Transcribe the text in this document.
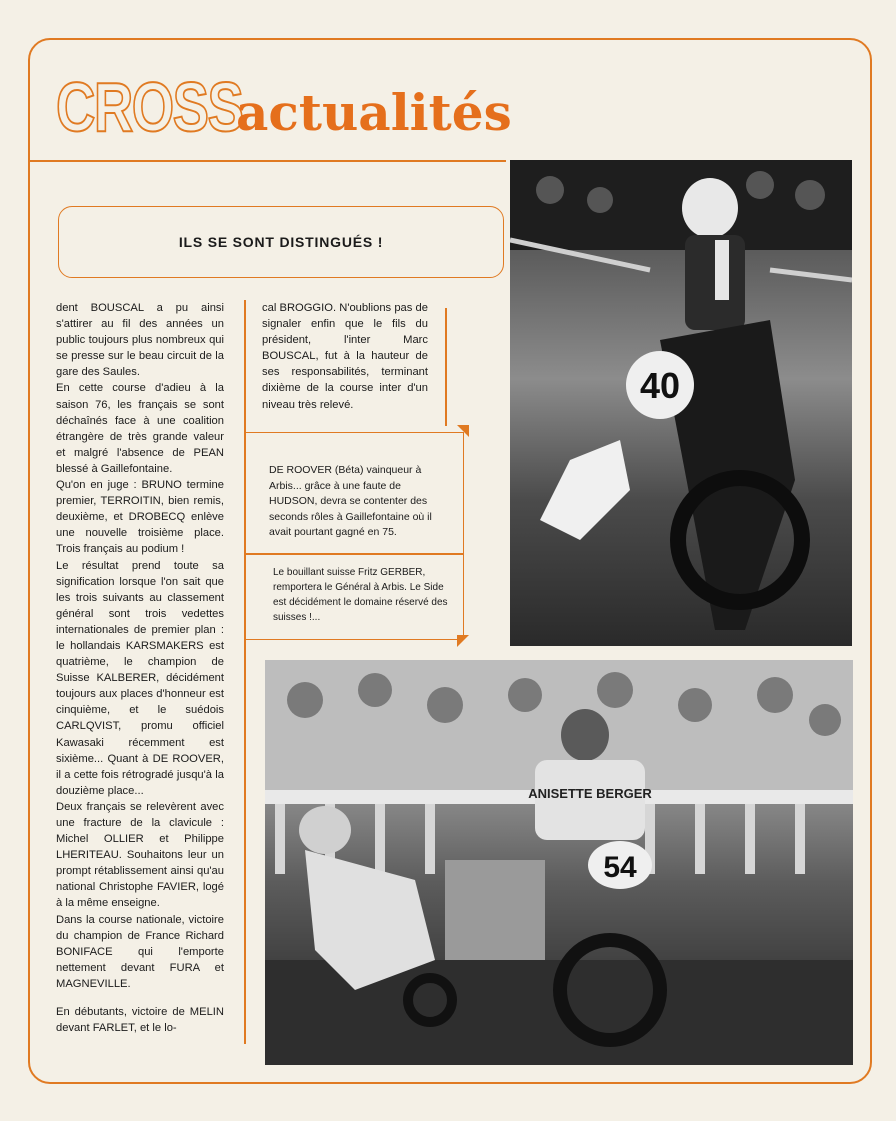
CROSS
actualités
ILS SE SONT DISTINGUÉS !

dent BOUSCAL a pu ainsi s'attirer au fil des années un public toujours plus nombreux qui se presse sur le beau circuit de la gare des Saules.

En cette course d'adieu à la saison 76, les français se sont déchaînés face à une coalition étrangère de très grande valeur et malgré l'absence de PEAN blessé à Gaillefontaine.

Qu'on en juge : BRUNO termine premier, TERROITIN, bien remis, deuxième, et DROBECQ enlève une nouvelle troisième place. Trois français au podium !

Le résultat prend toute sa signification lorsque l'on sait que les trois suivants au classement général sont trois vedettes internationales de premier plan : le hollandais KARSMAKERS est quatrième, le champion de Suisse KALBERER, décidément toujours aux places d'honneur est cinquième, et le suédois CARLQVIST, promu officiel Kawasaki récemment est sixième... Quant à DE ROOVER, il a cette fois rétrogradé jusqu'à la douzième place...

Deux français se relevèrent avec une fracture de la clavicule : Michel OLLIER et Philippe LHERITEAU. Souhaitons leur un prompt rétablissement ainsi qu'au national Christophe FAVIER, logé à la même enseigne.

Dans la course nationale, victoire du champion de France Richard BONIFACE qui l'emporte nettement devant FURA et MAGNEVILLE.

En débutants, victoire de MELIN devant FARLET, et le lo-

cal BROGGIO. N'oublions pas de signaler enfin que le fils du président, l'inter Marc BOUSCAL, fut à la hauteur de ses responsabilités, terminant dixième de la course inter d'un niveau très relevé.

DE ROOVER (Béta) vainqueur à Arbis... grâce à une faute de HUDSON, devra se contenter des seconds rôles à Gaillefontaine où il avait pourtant gagné en 75.
Le bouillant suisse Fritz GERBER, remportera le Général à Arbis. Le Side est décidément le domaine réservé des suisses !...
40
ANISETTE BERGER
54
